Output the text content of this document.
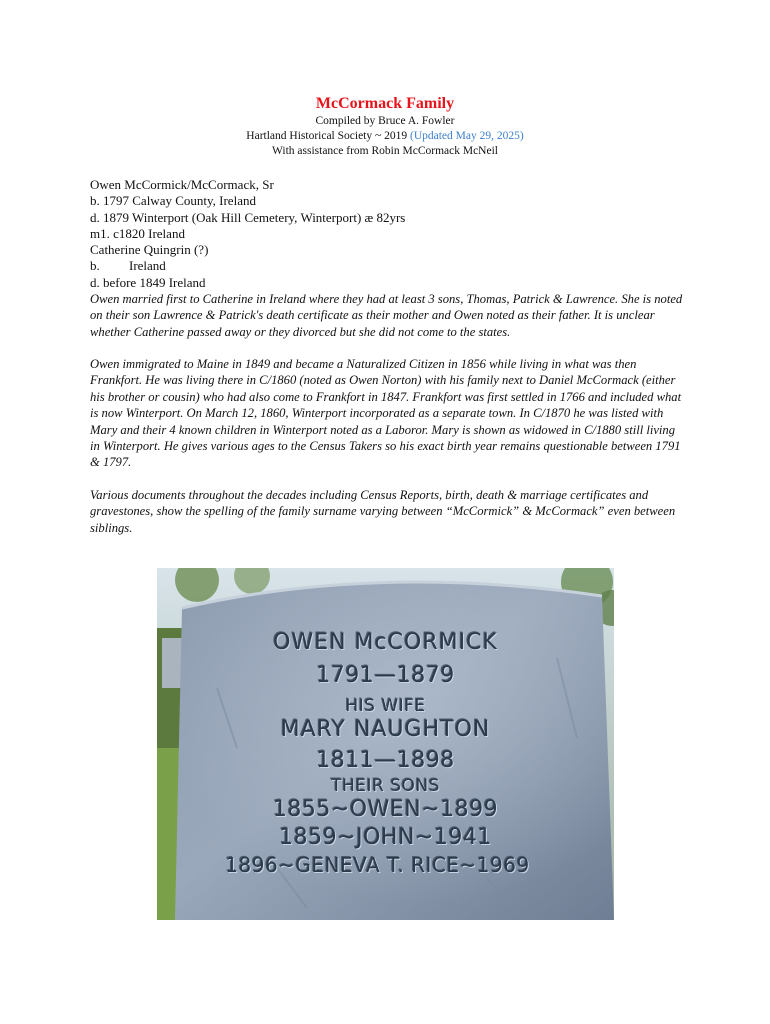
McCormack Family
Compiled by Bruce A. Fowler
Hartland Historical Society ~ 2019 (Updated May 29, 2025)
With assistance from Robin McCormack McNeil
Owen McCormick/McCormack, Sr
b. 1797 Calway County, Ireland
d. 1879 Winterport (Oak Hill Cemetery, Winterport) æ 82yrs
m1. c1820 Ireland
Catherine Quingrin (?)
b.         Ireland
d. before 1849 Ireland

Owen married first to Catherine in Ireland where they had at least 3 sons, Thomas, Patrick & Lawrence. She is noted on their son Lawrence & Patrick's death certificate as their mother and Owen noted as their father. It is unclear whether Catherine passed away or they divorced but she did not come to the states.

Owen immigrated to Maine in 1849 and became a Naturalized Citizen in 1856 while living in what was then Frankfort. He was living there in C/1860 (noted as Owen Norton) with his family next to Daniel McCormack (either his brother or cousin) who had also come to Frankfort in 1847. Frankfort was first settled in 1766 and included what is now Winterport. On March 12, 1860, Winterport incorporated as a separate town. In C/1870 he was listed with Mary and their 4 known children in Winterport noted as a Laboror. Mary is shown as widowed in C/1880 still living in Winterport. He gives various ages to the Census Takers so his exact birth year remains questionable between 1791 & 1797.

Various documents throughout the decades including Census Reports, birth, death & marriage certificates and gravestones, show the spelling of the family surname varying between “McCormick” & McCormack” even between siblings.

OWEN McCORMICK
1791—1879
HIS WIFE
MARY NAUGHTON
1811—1898
THEIR SONS
1855~OWEN~1899
1859~JOHN~1941
1896~GENEVA T. RICE~1969
